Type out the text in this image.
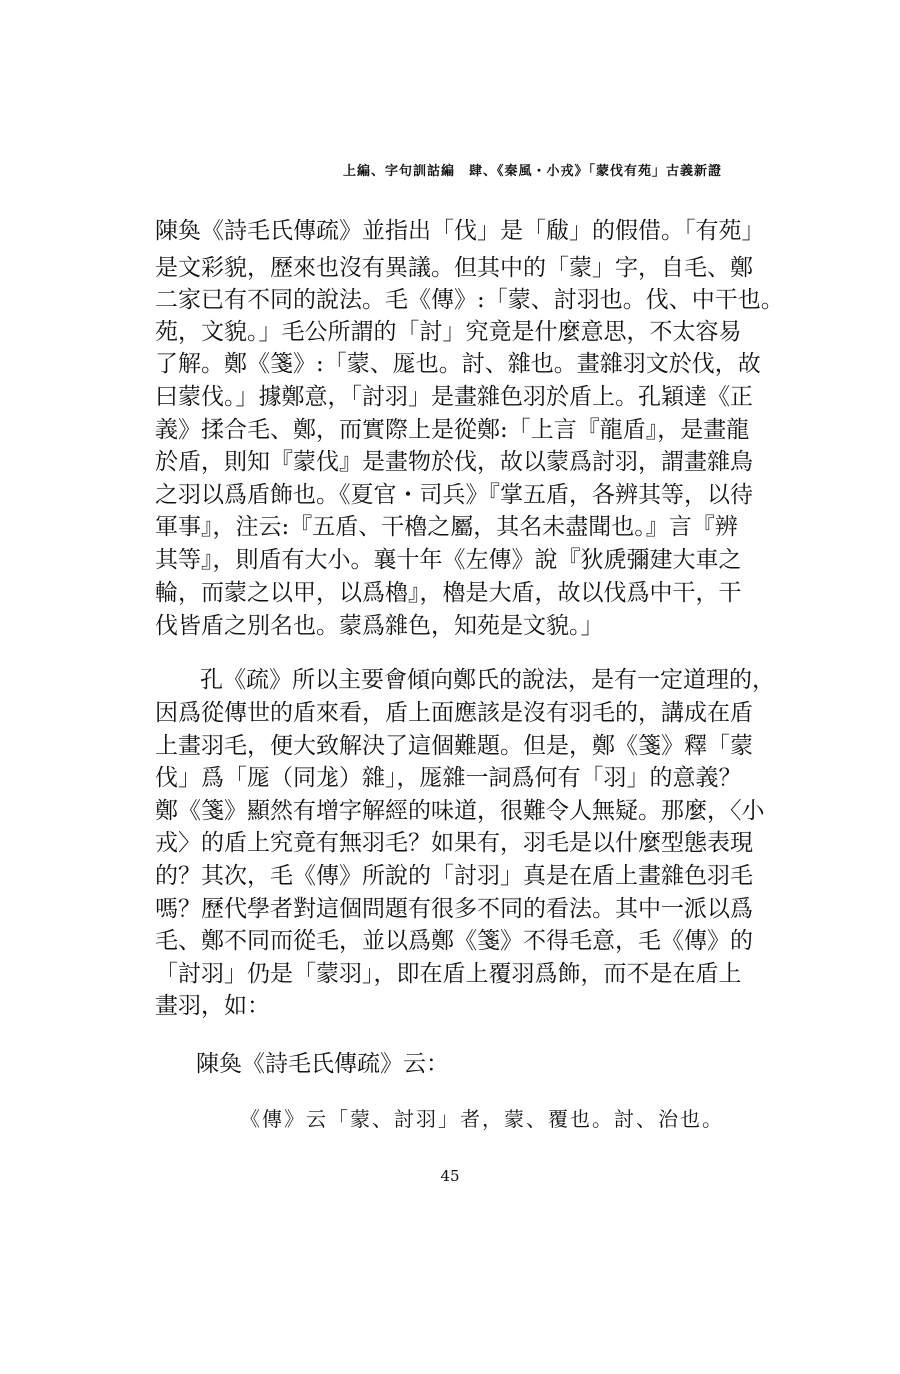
上編、字句訓詁編　肆、《秦風・小戎》「蒙伐有苑」古義新證
陳奐《詩毛氏傳疏》並指出「伐」是「瞂」的假借。「有苑」
是文彩貌，歷來也沒有異議。但其中的「蒙」字，自毛、鄭
二家已有不同的說法。毛《傳》:「蒙、討羽也。伐、中干也。
苑，文貌。」毛公所謂的「討」究竟是什麼意思，不太容易
了解。鄭《箋》:「蒙、厖也。討、雜也。畫雜羽文於伐，故
曰蒙伐。」據鄭意，「討羽」是畫雜色羽於盾上。孔穎達《正
義》揉合毛、鄭，而實際上是從鄭:「上言『龍盾』，是畫龍
於盾，則知『蒙伐』是畫物於伐，故以蒙爲討羽，謂畫雜鳥
之羽以爲盾飾也。《夏官・司兵》『掌五盾，各辨其等，以待
軍事』，注云:『五盾、干櫓之屬，其名未盡聞也。』言『辨
其等』，則盾有大小。襄十年《左傳》說『狄虒彌建大車之
輪，而蒙之以甲，以爲櫓』，櫓是大盾，故以伐爲中干，干
伐皆盾之別名也。蒙爲雜色，知苑是文貌。」
孔《疏》所以主要會傾向鄭氏的說法，是有一定道理的，
因爲從傳世的盾來看，盾上面應該是沒有羽毛的，講成在盾
上畫羽毛，便大致解決了這個難題。但是，鄭《箋》釋「蒙
伐」爲「厖（同尨）雜」，厖雜一詞爲何有「羽」的意義？
鄭《箋》顯然有增字解經的味道，很難令人無疑。那麼，〈小
戎〉的盾上究竟有無羽毛？如果有，羽毛是以什麼型態表現
的？其次，毛《傳》所說的「討羽」真是在盾上畫雜色羽毛
嗎？歷代學者對這個問題有很多不同的看法。其中一派以爲
毛、鄭不同而從毛，並以爲鄭《箋》不得毛意，毛《傳》的
「討羽」仍是「蒙羽」，即在盾上覆羽爲飾，而不是在盾上
畫羽，如：
陳奐《詩毛氏傳疏》云：
《傳》云「蒙、討羽」者，蒙、覆也。討、治也。
45
